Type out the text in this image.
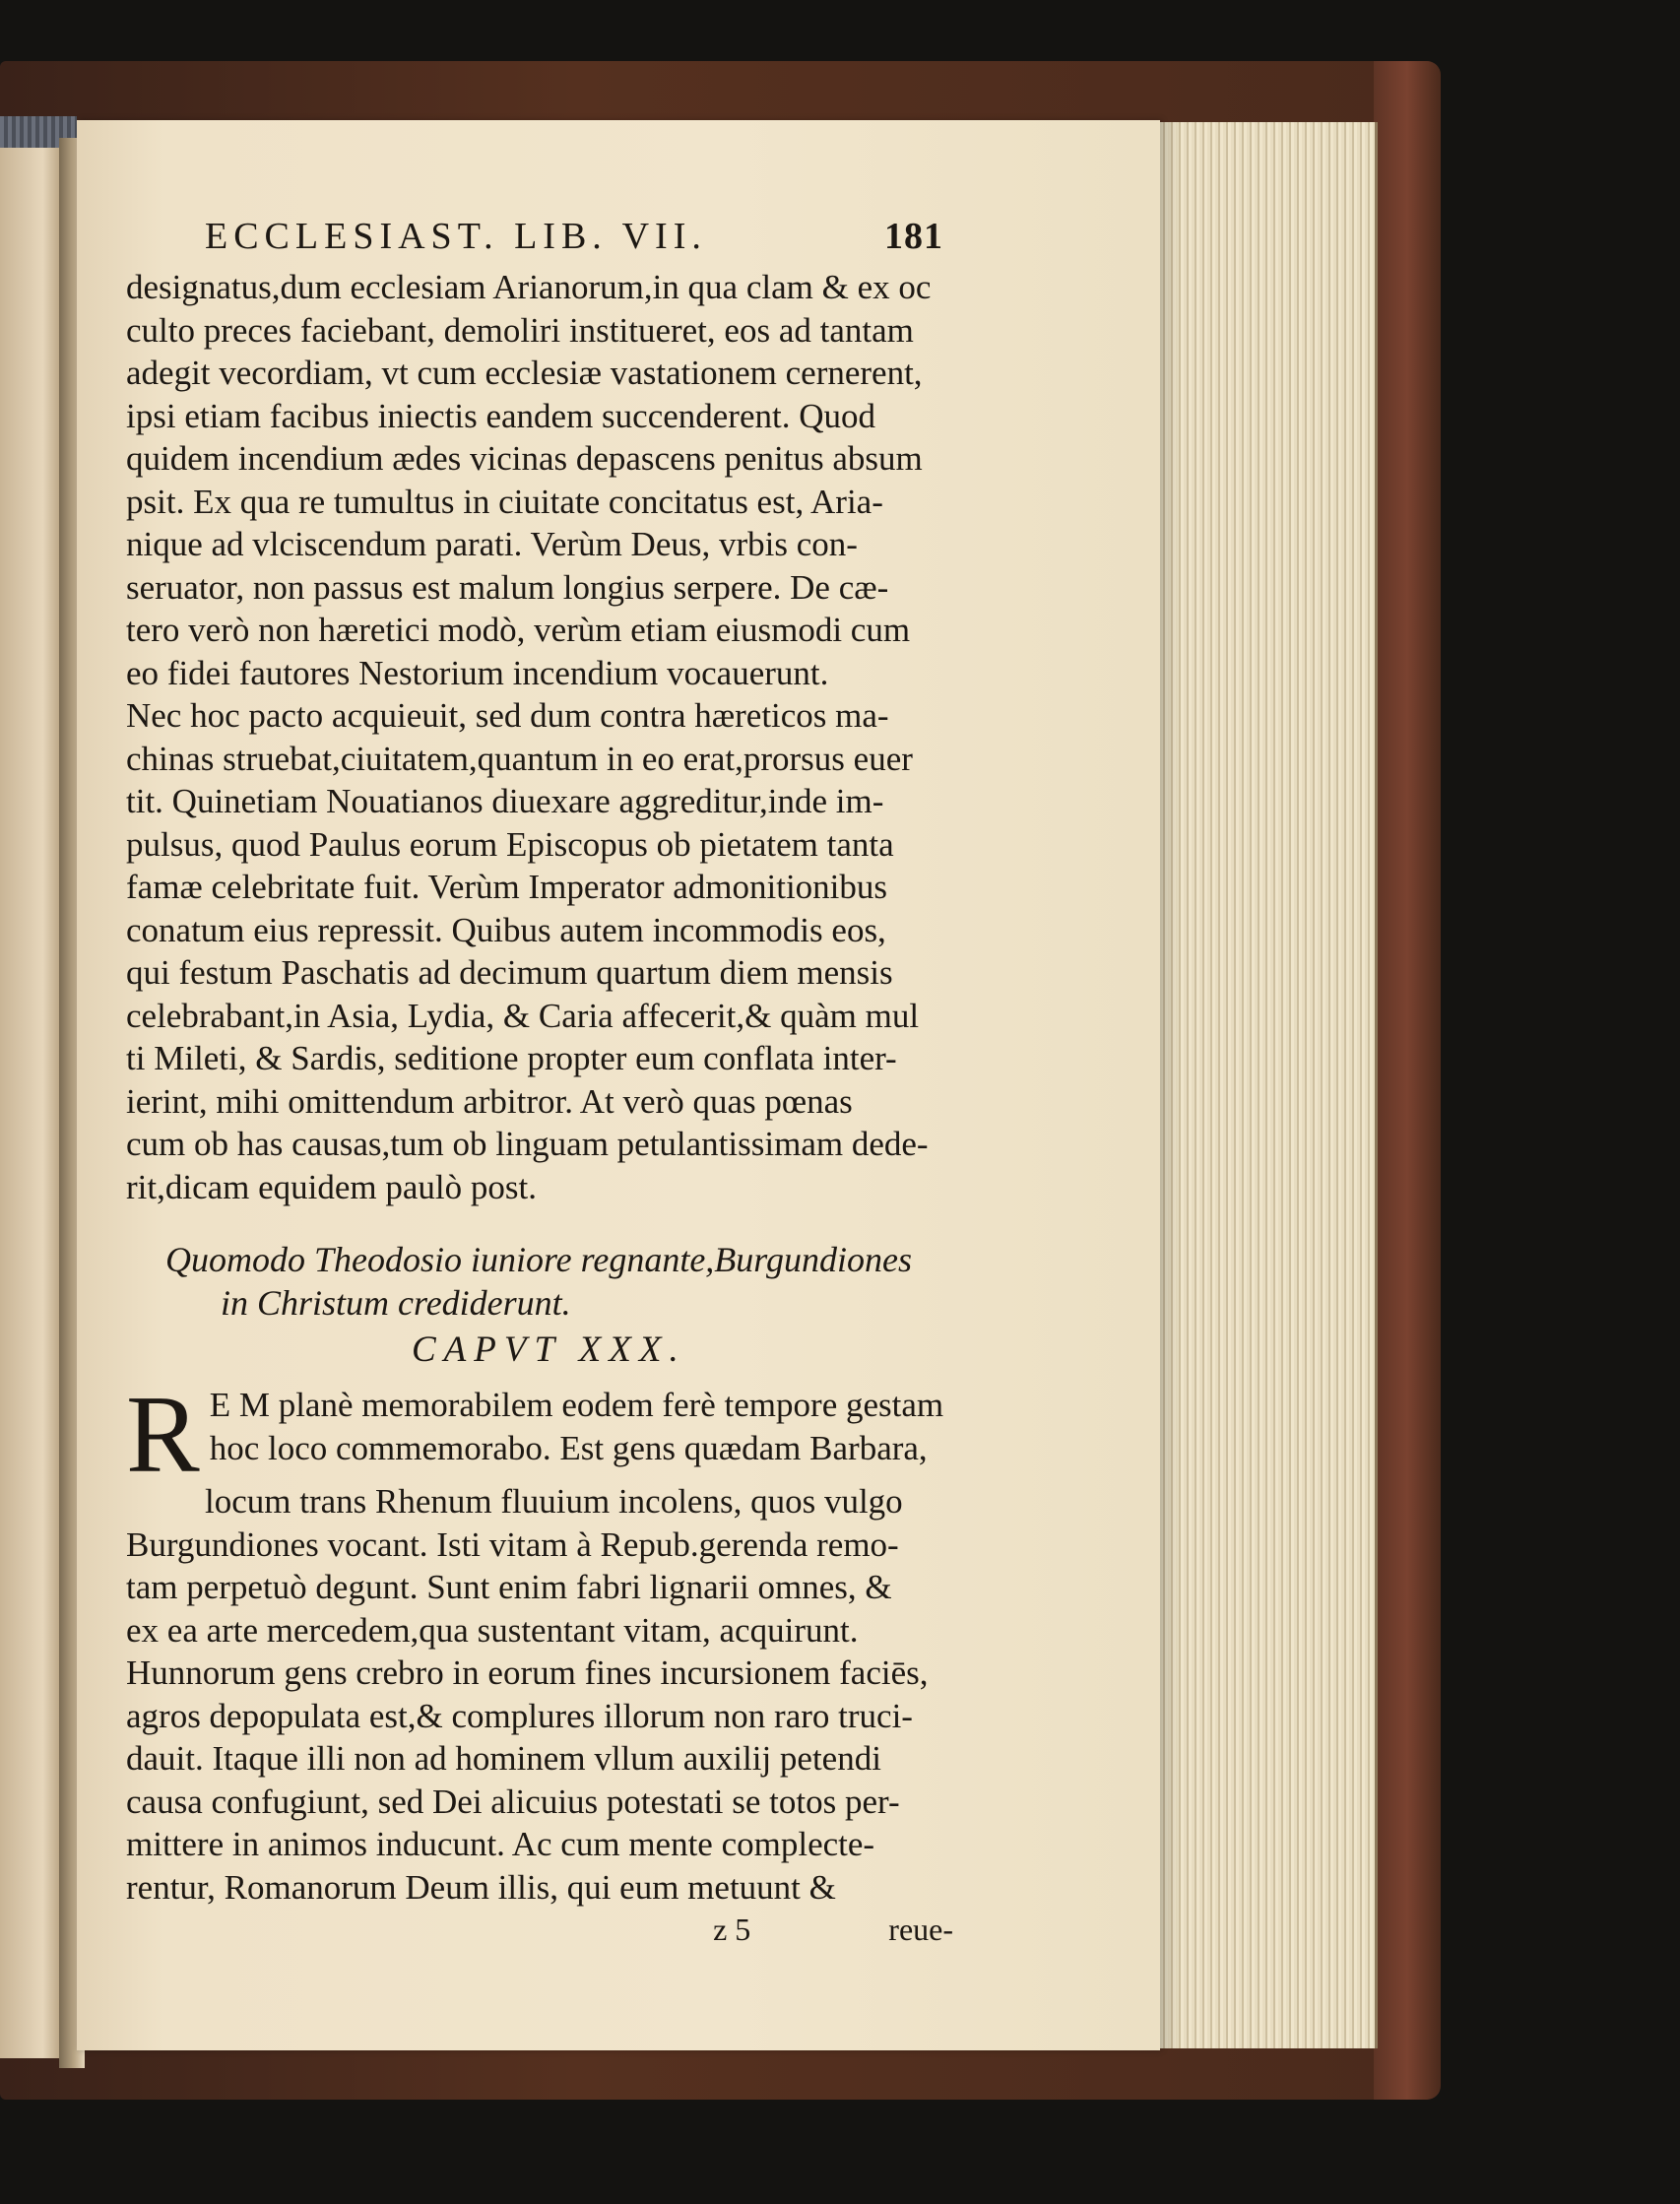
ECCLESIAST. LIB. VII.	181
designatus,dum ecclesiam Arianorum,in qua clam & ex oc
culto preces faciebant, demoliri institueret, eos ad tantam
adegit vecordiam, vt cum ecclesiæ vastationem cernerent,
ipsi etiam facibus iniectis eandem succenderent. Quod
quidem incendium ædes vicinas depascens penitus absum
psit. Ex qua re tumultus in ciuitate concitatus est, Aria-
nique ad vlciscendum parati. Verùm Deus, vrbis con-
seruator, non passus est malum longius serpere. De cæ-
tero verò non hæretici modò, verùm etiam eiusmodi cum
eo fidei fautores Nestorium incendium vocauerunt.
Nec hoc pacto acquieuit, sed dum contra hæreticos ma-
chinas struebat,ciuitatem,quantum in eo erat,prorsus euer
tit. Quinetiam Nouatianos diuexare aggreditur,inde im-
pulsus, quod Paulus eorum Episcopus ob pietatem tanta
famæ celebritate fuit. Verùm Imperator admonitionibus
conatum eius repressit. Quibus autem incommodis eos,
qui festum Paschatis ad decimum quartum diem mensis
celebrabant,in Asia, Lydia, & Caria affecerit,& quàm mul
ti Mileti, & Sardis, seditione propter eum conflata inter-
ierint, mihi omittendum arbitror. At verò quas pœnas
cum ob has causas,tum ob linguam petulantissimam dede-
rit,dicam equidem paulò post.
Quomodo Theodosio iuniore regnante,Burgundiones
in Christum crediderunt.
CAPVT XXX.
R E M planè memorabilem eodem ferè tempore gestam
hoc loco commemorabo. Est gens quædam Barbara,
locum trans Rhenum fluuium incolens, quos vulgo
Burgundiones vocant. Isti vitam à Repub.gerenda remo-
tam perpetuò degunt. Sunt enim fabri lignarii omnes, &
ex ea arte mercedem,qua sustentant vitam, acquirunt.
Hunnorum gens crebro in eorum fines incursionem faciēs,
agros depopulata est,& complures illorum non raro truci-
dauit. Itaque illi non ad hominem vllum auxilij petendi
causa confugiunt, sed Dei alicuius potestati se totos per-
mittere in animos inducunt. Ac cum mente complecte-
rentur, Romanorum Deum illis, qui eum metuunt &
z 5	reue-
